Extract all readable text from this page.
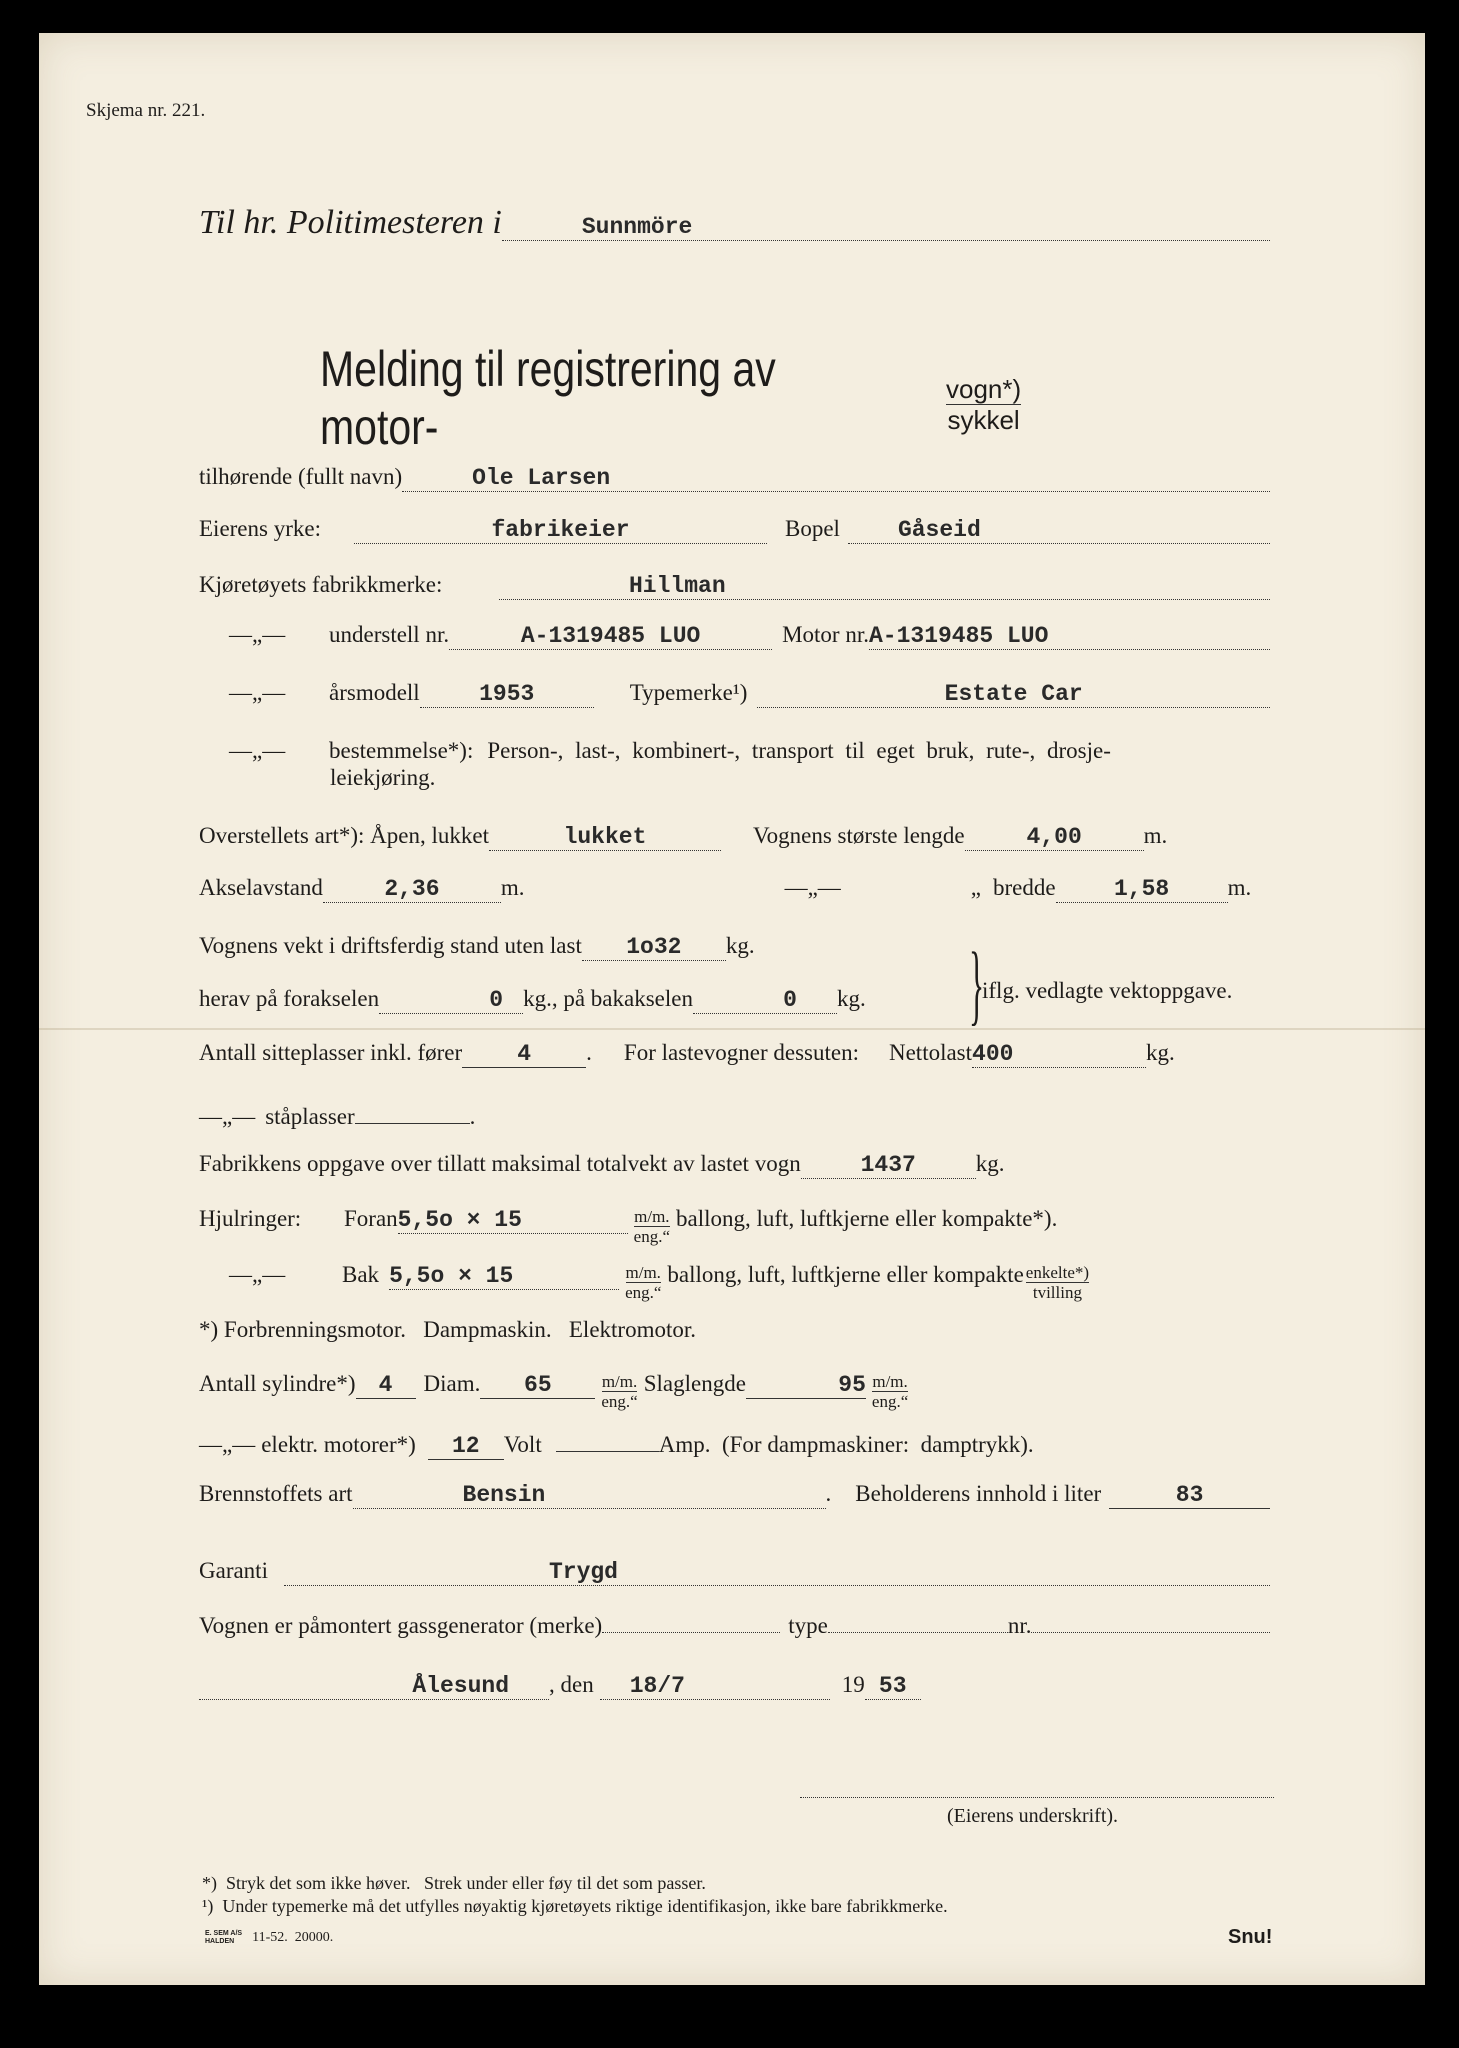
Skjema nr. 221.
Til hr. Politimesteren i	Sunnmöre
Melding til registrering av motor-	$\frac{\text{vogn*)}}{\text{sykkel}}$
tilhørende (fullt navn)	Ole Larsen
Eierens yrke:	fabrikeier	Bopel	Gåseid
Kjøretøyets fabrikkmerke:	Hillman
—„—	understell nr.	A-1319485 LUO	Motor nr. A-1319485 LUO
—„—	årsmodell	1953	Typemerke¹)	Estate Car
—„—	bestemmelse*): Person-, last-, kombinert-, transport til eget bruk, rute-, drosje-
leiekjøring.
Overstellets art*): Åpen, lukket	lukket	Vognens største lengde	4,00	m.
Akselavstand	2,36	m.	—„—	„ bredde	1,58	m.
Vognens vekt i driftsferdig stand uten last	1o32	kg.
herav på forakselen	0 kg., på bakakselen	0	kg. }
iflg. vedlagte vektoppgave.
Antall sitteplasser inkl. fører	4	. For lastevogner dessuten: Nettolast 400	kg.
—„— ståplasser	.
Fabrikkens oppgave over tillatt maksimal totalvekt av lastet vogn	1437	kg.
Hjulringer:	Foran 5,5o × 15	$\frac{m/m.}{\text{eng.“}}$ ballong, luft, luftkjerne eller kompakte*).
—„—	Bak 5,5o × 15	$\frac{m/m.}{\text{eng.“}}$ ballong, luft, luftkjerne eller kompakte $\frac{\text{enkelte*)}}{\text{tvilling}}$
*) Forbrenningsmotor.   Dampmaskin.   Elektromotor.
Antall sylindre*)	4	Diam.	65	$\frac{m/m.}{\text{eng.“}}$ Slaglengde	$95 \frac{m/m.}{\text{eng.“}}$
—„— elektr. motorer*)	12	Volt	Amp.  (For dampmaskiner:  damptrykk).
Brennstoffets art	Bensin	. Beholderens innhold i liter	83
Garanti	Trygd
Vognen er påmontert gassgenerator (merke)	type	nr.
Ålesund	, den	18/7	19 53
(Eierens underskrift).
*)  Stryk det som ikke høver.   Strek under eller føy til det som passer.
¹)  Under typemerke må det utfylles nøyaktig kjøretøyets riktige identifikasjon, ikke bare fabrikkmerke.
E. SEM A/S
HALDEN	11-52.  20000.	Snu!
